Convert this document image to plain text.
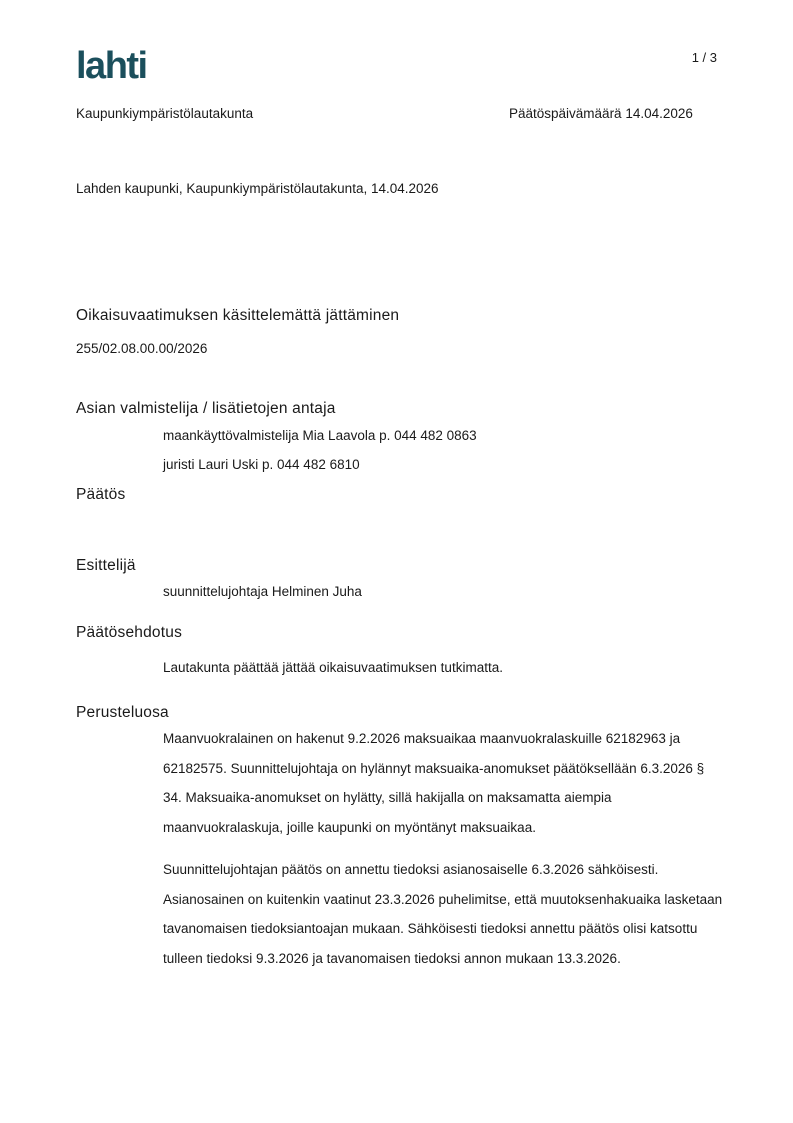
lahti	1 / 3
Kaupunkiympäristölautakunta	Päätöspäivämäärä 14.04.2026
Lahden kaupunki, Kaupunkiympäristölautakunta, 14.04.2026
Oikaisuvaatimuksen käsittelemättä jättäminen
255/02.08.00.00/2026
Asian valmistelija / lisätietojen antaja
maankäyttövalmistelija Mia Laavola p. 044 482 0863
juristi Lauri Uski p. 044 482 6810
Päätös
Esittelijä
suunnittelujohtaja Helminen Juha
Päätösehdotus
Lautakunta päättää jättää oikaisuvaatimuksen tutkimatta.
Perusteluosa
Maanvuokralainen on hakenut 9.2.2026 maksuaikaa maanvuokralaskuille 62182963 ja 62182575. Suunnittelujohtaja on hylännyt maksuaika-anomukset päätöksellään 6.3.2026 § 34. Maksuaika-anomukset on hylätty, sillä hakijalla on maksamatta aiempia maanvuokralaskuja, joille kaupunki on myöntänyt maksuaikaa.
Suunnittelujohtajan päätös on annettu tiedoksi asianosaiselle 6.3.2026 sähköisesti. Asianosainen on kuitenkin vaatinut 23.3.2026 puhelimitse, että muutoksenhakuaika lasketaan tavanomaisen tiedoksiantoajan mukaan. Sähköisesti tiedoksi annettu päätös olisi katsottu tulleen tiedoksi 9.3.2026 ja tavanomaisen tiedoksi annon mukaan 13.3.2026.
